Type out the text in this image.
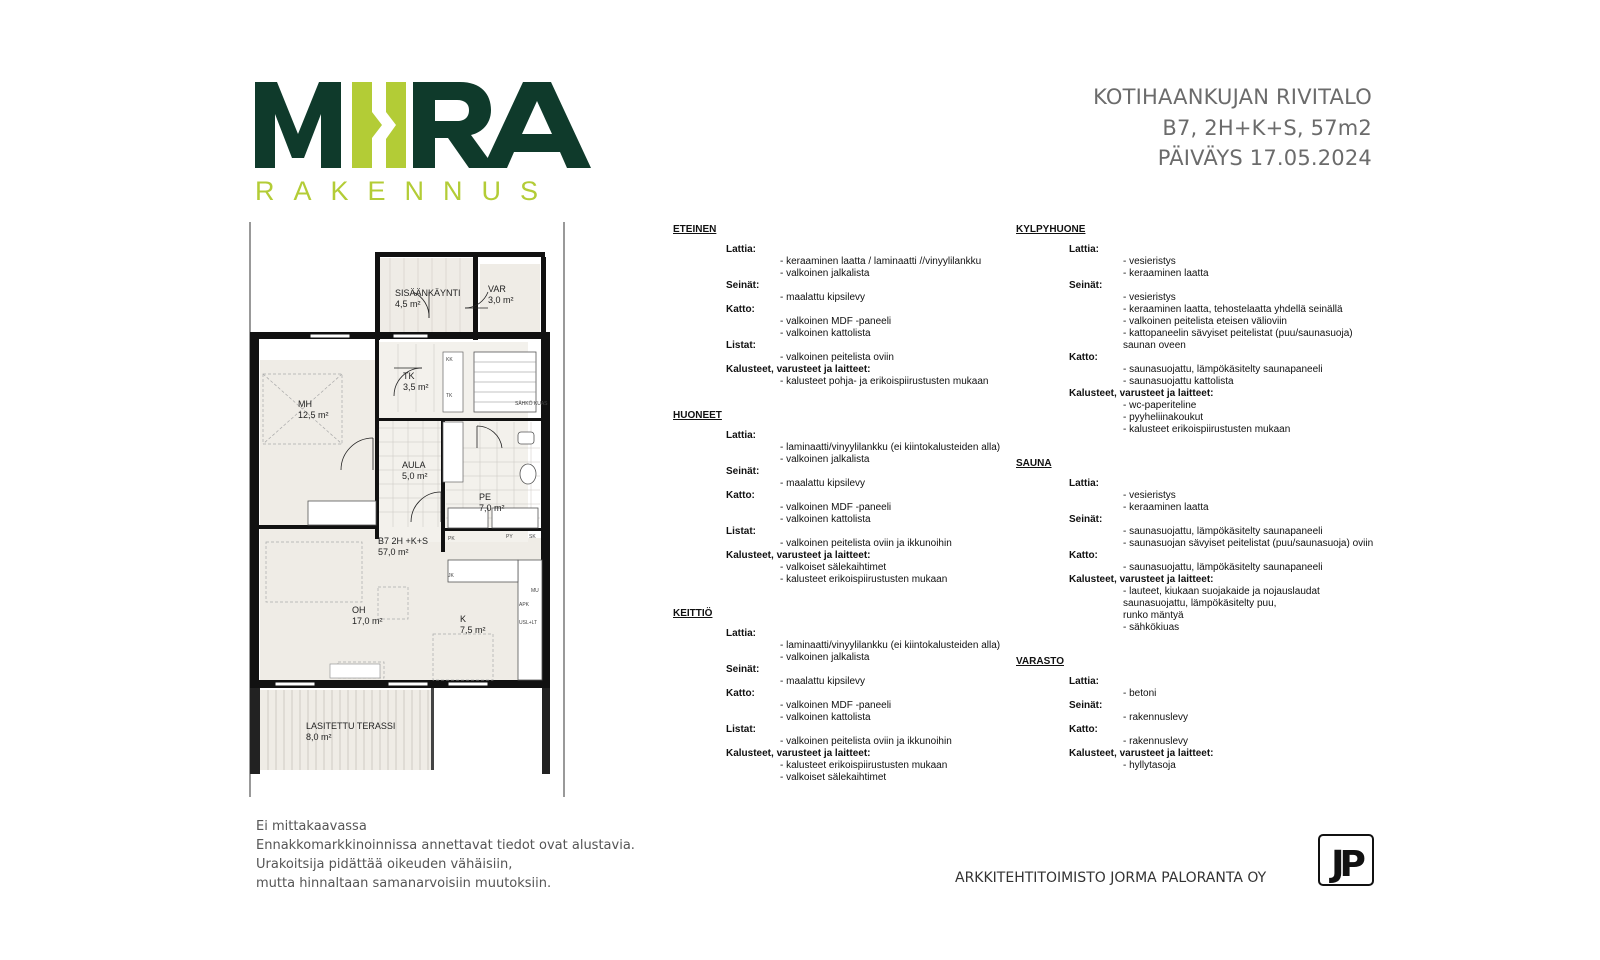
RAKENNUS
KOTIHAANKUJAN RIVITALO
B7, 2H+K+S, 57m2
PÄIVÄYS 17.05.2024
SISÄÄNKÄYNTI
4,5 m²
VAR
3,0 m²
MH
12,5 m²
TK
3,5 m²
AULA
5,0 m²
PE
7,0 m²
B7 2H +K+S
57,0 m²
OH
17,0 m²	K
7,5 m²
LASITETTU TERASSI
8,0 m²
KK
TK
SÄHKÖ KUAS
PK	PY	SK
JK
APK
MU
USL+LT
Ei mittakaavassa
Ennakkomarkkinoinnissa annettavat tiedot ovat alustavia.
Urakoitsija pidättää oikeuden vähäisiin,
mutta hinnaltaan samanarvoisiin muutoksiin.	ARKKITEHTITOIMISTO JORMA PALORANTA OY JP
ETEINEN
Lattia:
- keraaminen laatta / laminaatti //vinyylilankku
- valkoinen jalkalista
Seinät:
- maalattu kipsilevy
Katto:
- valkoinen MDF -paneeli
- valkoinen kattolista
Listat:
- valkoinen peitelista oviin
Kalusteet, varusteet ja laitteet:
- kalusteet pohja- ja erikoispiirustusten mukaan
HUONEET
Lattia:
- laminaatti/vinyylilankku (ei kiintokalusteiden alla)
- valkoinen jalkalista
Seinät:
- maalattu kipsilevy
Katto:
- valkoinen MDF -paneeli
- valkoinen kattolista
Listat:
- valkoinen peitelista oviin ja ikkunoihin
Kalusteet, varusteet ja laitteet:
- valkoiset sälekaihtimet
- kalusteet erikoispiirustusten mukaan
KEITTIÖ
Lattia:
- laminaatti/vinyylilankku (ei kiintokalusteiden alla)
- valkoinen jalkalista
Seinät:
- maalattu kipsilevy
Katto:
- valkoinen MDF -paneeli
- valkoinen kattolista
Listat:
- valkoinen peitelista oviin ja ikkunoihin
Kalusteet, varusteet ja laitteet:
- kalusteet erikoispiirustusten mukaan
- valkoiset sälekaihtimet
KYLPYHUONE
Lattia:
- vesieristys
- keraaminen laatta
Seinät:
- vesieristys
- keraaminen laatta, tehostelaatta yhdellä seinällä
- valkoinen peitelista eteisen välioviin
- kattopaneelin sävyiset peitelistat (puu/saunasuoja)
saunan oveen
Katto:
- saunasuojattu, lämpökäsitelty saunapaneeli
- saunasuojattu kattolista
Kalusteet, varusteet ja laitteet:
- wc-paperiteline
- pyyheliinakoukut
- kalusteet erikoispiirustusten mukaan
SAUNA
Lattia:
- vesieristys
- keraaminen laatta
Seinät:
- saunasuojattu, lämpökäsitelty saunapaneeli
- saunasuojan sävyiset peitelistat (puu/saunasuoja) oviin
Katto:
- saunasuojattu, lämpökäsitelty saunapaneeli
Kalusteet, varusteet ja laitteet:
- lauteet, kiukaan suojakaide ja nojauslaudat
saunasuojattu, lämpökäsitelty puu,
runko mäntyä
- sähkökiuas
VARASTO
Lattia:
- betoni
Seinät:
- rakennuslevy
Katto:
- rakennuslevy
Kalusteet, varusteet ja laitteet:
- hyllytasoja
